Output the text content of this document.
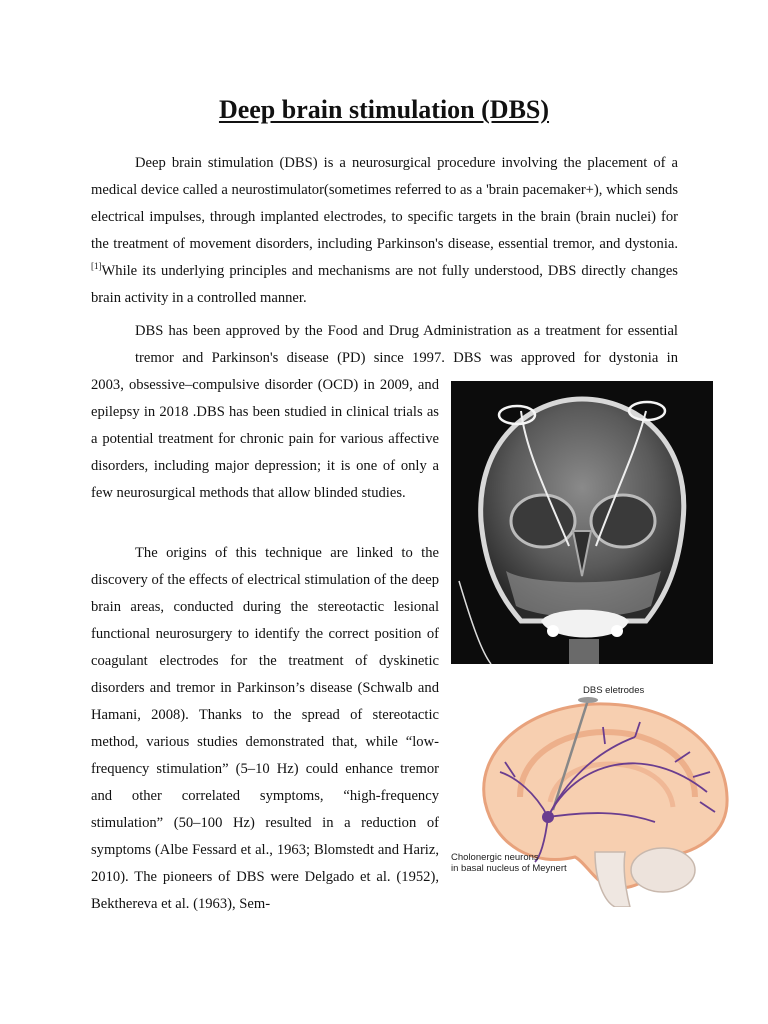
Deep brain stimulation (DBS)

Deep brain stimulation (DBS) is a neurosurgical procedure involving the placement of a medical device called a neurostimulator(sometimes referred to as a 'brain pacemaker+), which sends electrical impulses, through implanted electrodes, to specific targets in the brain (brain nuclei) for the treatment of movement disorders, including Parkinson's disease, essential tremor, and dystonia.[1]While its underlying principles and mechanisms are not fully understood, DBS directly changes brain activity in a controlled manner.

DBS has been approved by the Food and Drug Administration as a treatment for essential
tremor and Parkinson's disease (PD) since 1997. DBS was approved for dystonia in

2003, obsessive–compulsive disorder (OCD) in 2009, and epilepsy in 2018 .DBS has been studied in clinical trials as a potential treatment for chronic pain for various affective disorders, including major depression; it is one of only a few neurosurgical methods that allow blinded studies.

The origins of this technique are linked to the discovery of the effects of electrical stimulation of the deep brain areas, conducted during the stereotactic lesional functional neurosurgery to identify the correct position of coagulant electrodes for the treatment of dyskinetic disorders and tremor in Parkinson’s disease (Schwalb and Hamani, 2008). Thanks to the spread of stereotactic method, various studies demonstrated that, while “low-frequency stimulation” (5–10 Hz) could enhance tremor and other correlated symptoms, “high-frequency stimulation” (50–100 Hz) resulted in a reduction of symptoms (Albe Fessard et al., 1963; Blomstedt and Hariz, 2010). The pioneers of DBS were Delgado et al. (1952), Bekthereva et al. (1963), Sem-

DBS eletrodes
Cholonergic neurons
in basal nucleus of Meynert
